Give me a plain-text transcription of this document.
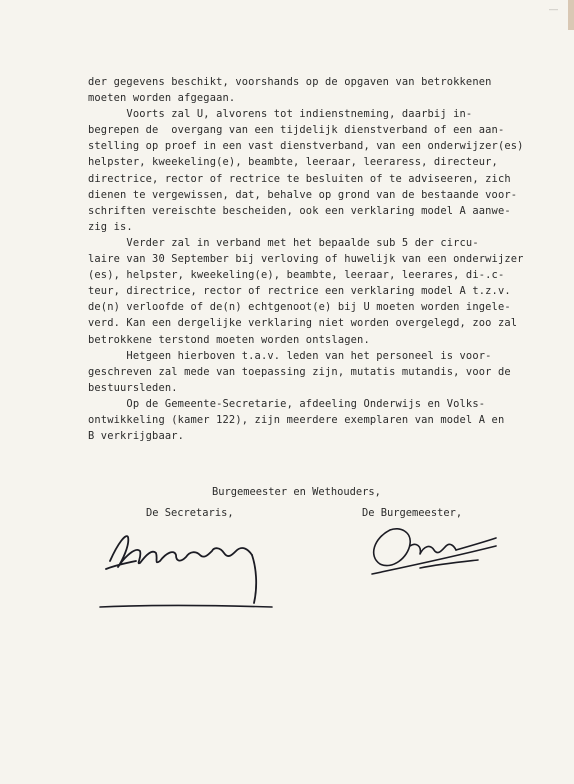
—
der gegevens beschikt, voorshands op de opgaven van betrokkenen
moeten worden afgegaan.
Voorts zal U, alvorens tot indienstneming, daarbij in-
begrepen de  overgang van een tijdelijk dienstverband of een aan-
stelling op proef in een vast dienstverband, van een onderwijzer(es)
helpster, kweekeling(e), beambte, leeraar, leeraress, directeur,
directrice, rector of rectrice te besluiten of te adviseeren, zich
dienen te vergewissen, dat, behalve op grond van de bestaande voor-
schriften vereischte bescheiden, ook een verklaring model A aanwe-
zig is.
Verder zal in verband met het bepaalde sub 5 der circu-
laire van 30 September bij verloving of huwelijk van een onderwijzer
(es), helpster, kweekeling(e), beambte, leeraar, leerares, di-.c-
teur, directrice, rector of rectrice een verklaring model A t.z.v.
de(n) verloofde of de(n) echtgenoot(e) bij U moeten worden ingele-
verd. Kan een dergelijke verklaring niet worden overgelegd, zoo zal
betrokkene terstond moeten worden ontslagen.
Hetgeen hierboven t.a.v. leden van het personeel is voor-
geschreven zal mede van toepassing zijn, mutatis mutandis, voor de
bestuursleden.
Op de Gemeente-Secretarie, afdeeling Onderwijs en Volks-
ontwikkeling (kamer 122), zijn meerdere exemplaren van model A en
B verkrijgbaar.
Burgemeester en Wethouders,
De Secretaris,	De Burgemeester,
